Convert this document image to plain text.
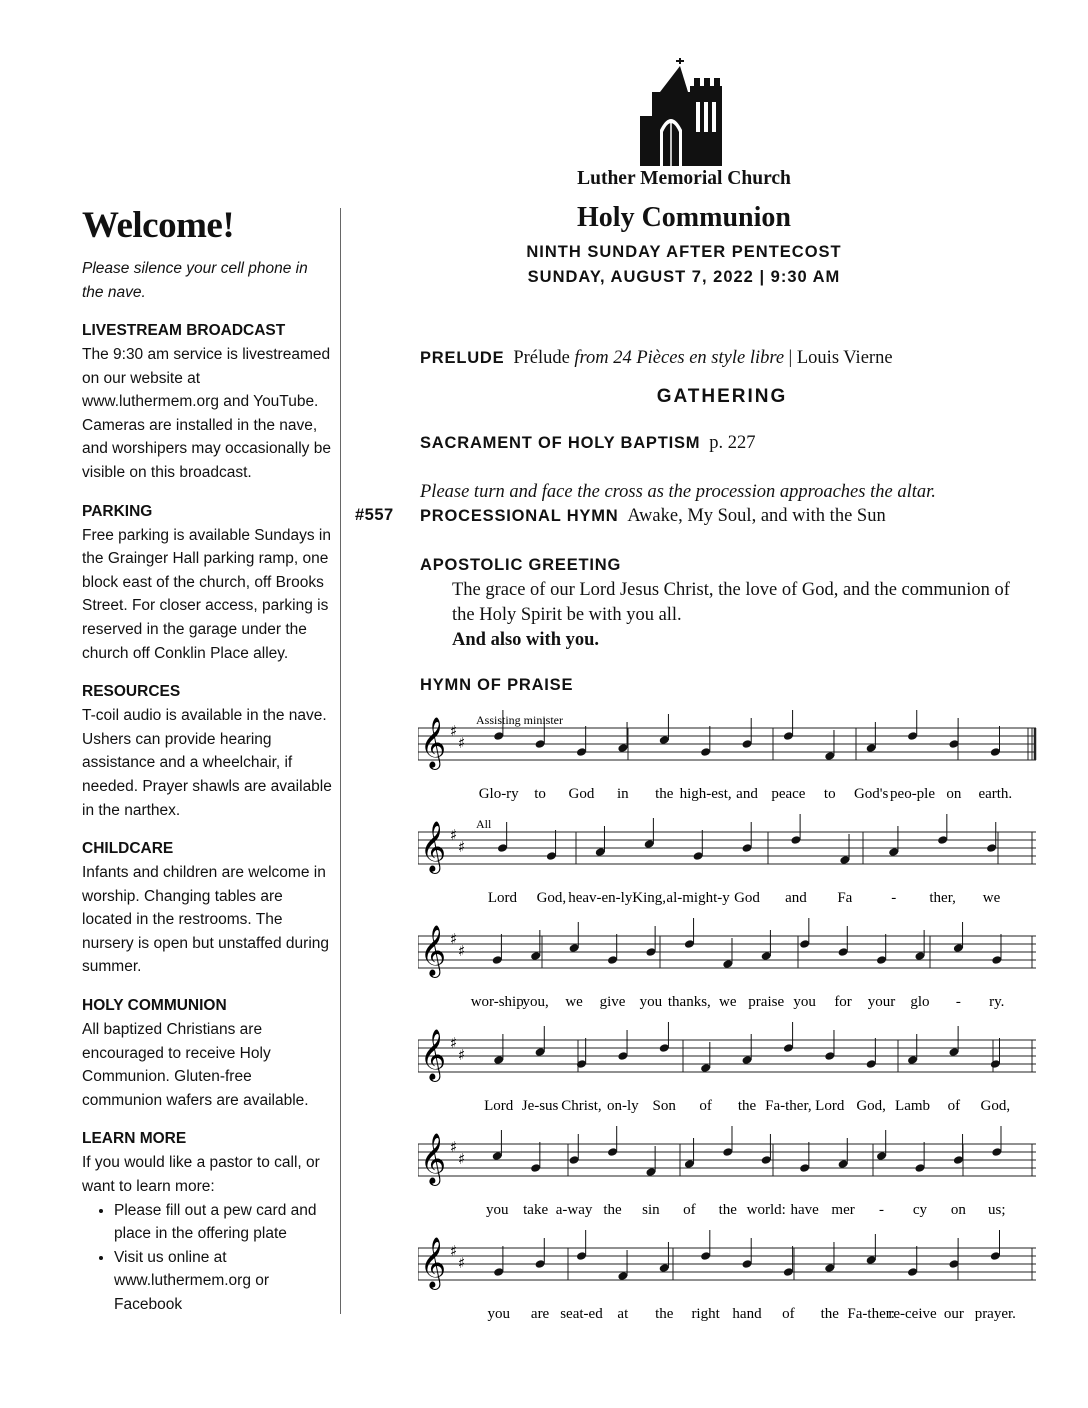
Luther Memorial Church
Holy Communion
NINTH SUNDAY AFTER PENTECOST
SUNDAY, AUGUST 7, 2022 | 9:30 AM
Welcome!

Please silence your cell phone in the nave.

LIVESTREAM BROADCAST
The 9:30 am service is livestreamed on our website at www.luthermem.org and YouTube. Cameras are installed in the nave, and worshipers may occasionally be visible on this broadcast.
PARKING
Free parking is available Sundays in the Grainger Hall parking ramp, one block east of the church, off Brooks Street. For closer access, parking is reserved in the garage under the church off Conklin Place alley.
RESOURCES
T-coil audio is available in the nave. Ushers can provide hearing assistance and a wheelchair, if needed. Prayer shawls are available in the narthex.
CHILDCARE
Infants and children are welcome in worship. Changing tables are located in the restrooms. The nursery is open but unstaffed during summer.
HOLY COMMUNION
All baptized Christians are encouraged to receive Holy Communion. Gluten-free communion wafers are available.
LEARN MORE
If you would like a pastor to call, or want to learn more:
• Please fill out a pew card and place in the offering plate
• Visit us online at www.luthermem.org or Facebook
PRELUDE Prélude from 24 Pièces en style libre | Louis Vierne
GATHERING
SACRAMENT OF HOLY BAPTISM p. 227
Please turn and face the cross as the procession approaches the altar.
#557 PROCESSIONAL HYMN Awake, My Soul, and with the Sun
APOSTOLIC GREETING
The grace of our Lord Jesus Christ, the love of God, and the communion of the Holy Spirit be with you all.
And also with you.
HYMN OF PRAISE
𝄞 ♯
♯
Glo-ry to God in the high-est, and peace to God's peo-ple on earth.
Assisting minister
𝄞 ♯
♯
Lord God, heav-en-ly King, al-might-y God and Fa	- ther, we
All
𝄞 ♯
♯
wor-ship
you, we give you thanks, we praise you for your glo - ry.
𝄞 ♯
♯
Lord Je-sus Christ, on-ly Son of the Fa-ther, Lord God, Lamb of God,
𝄞 ♯
♯
you take a-way the sin of the world: have mer - cy on us;
𝄞 ♯
♯
you are seat-ed at the right hand of the Fa-ther:
re-ceive our prayer.
